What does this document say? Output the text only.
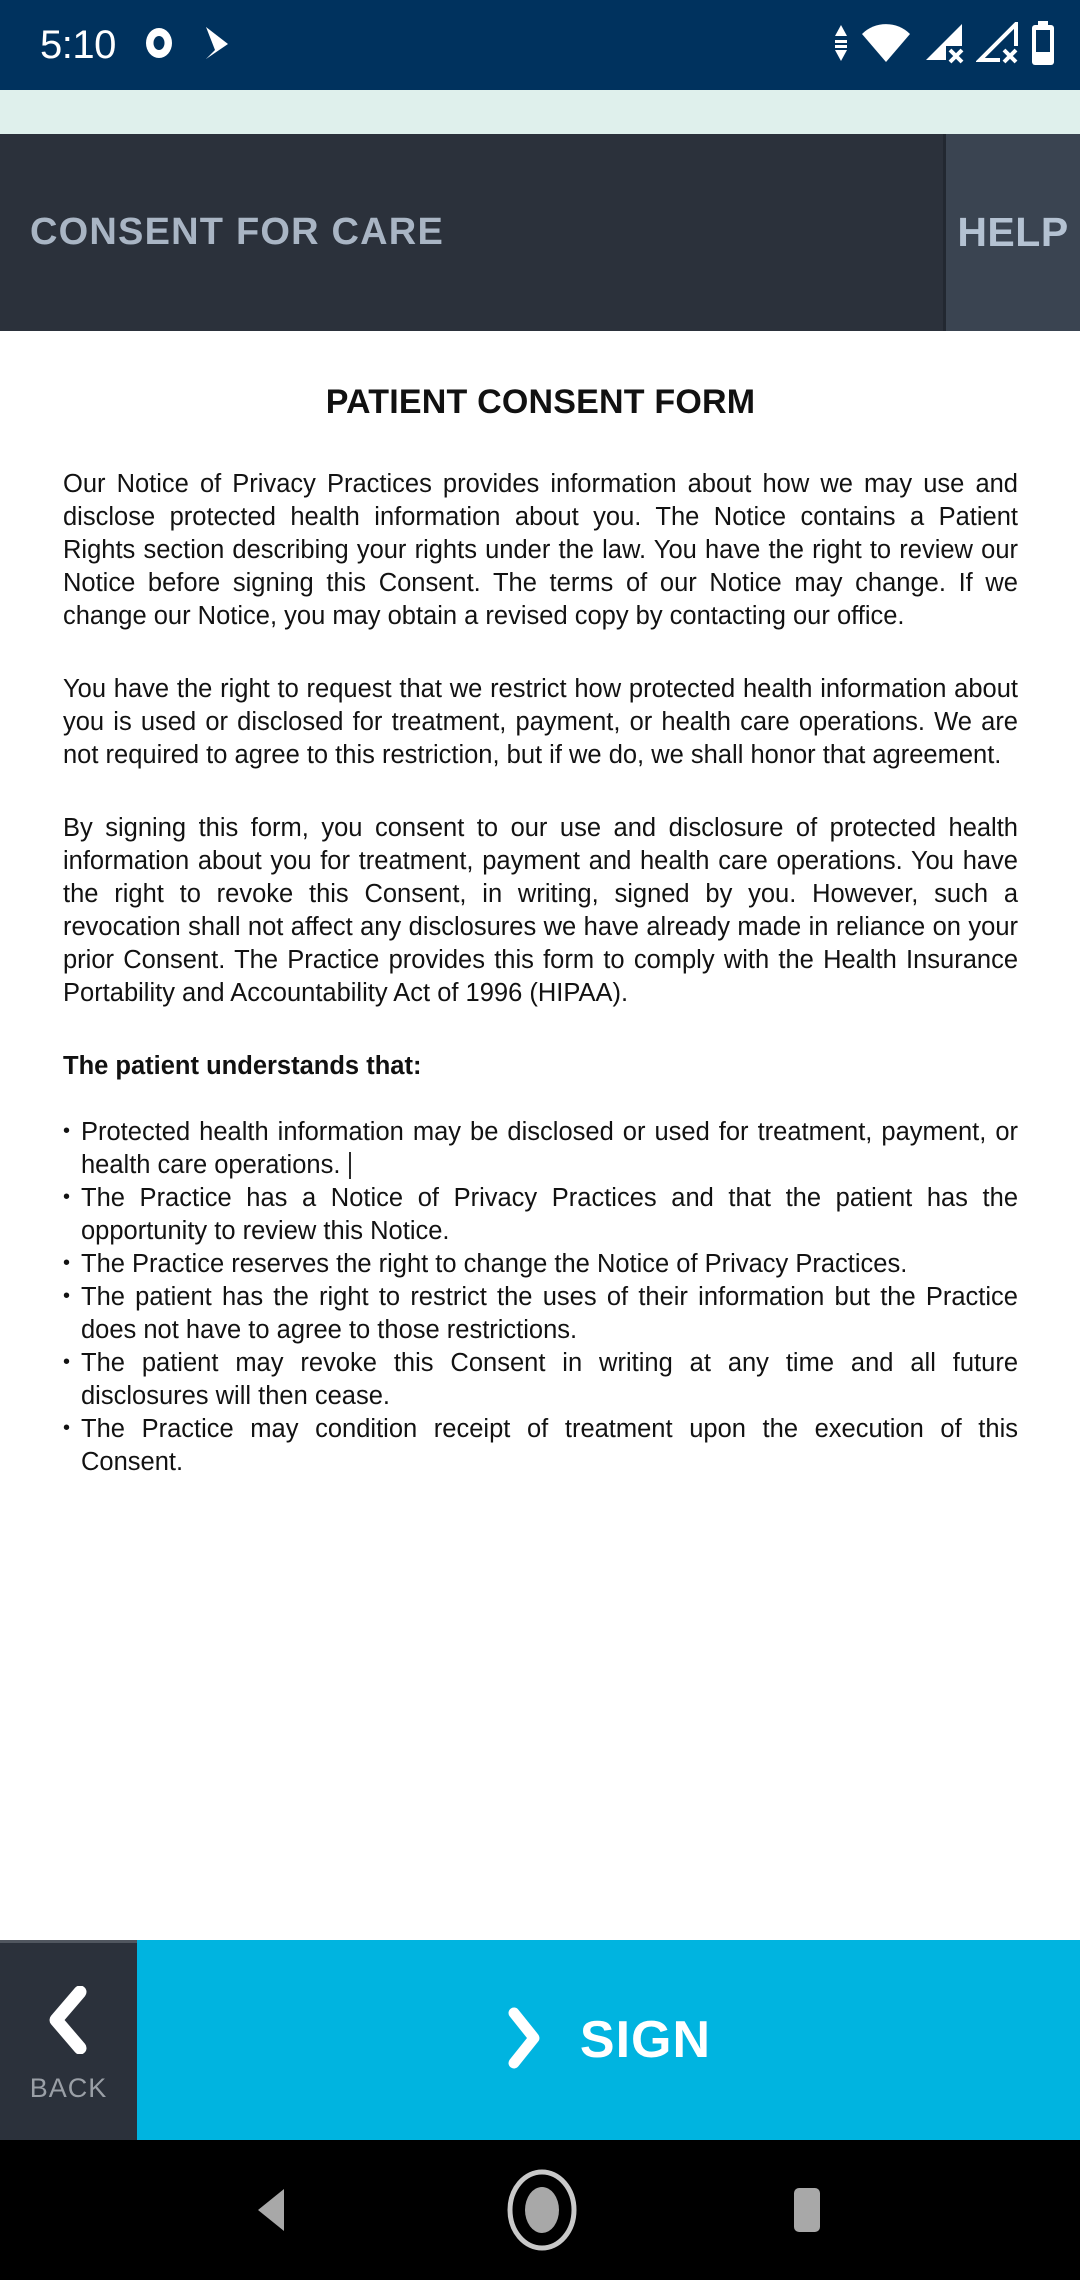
5:10
CONSENT FOR CARE	HELP
PATIENT CONSENT FORM

Our Notice of Privacy Practices provides information about how we may use and disclose protected health information about you. The Notice contains a Patient Rights section describing your rights under the law. You have the right to review our Notice before signing this Consent. The terms of our Notice may change. If we change our Notice, you may obtain a revised copy by contacting our office.

You have the right to request that we restrict how protected health information about you is used or disclosed for treatment, payment, or health care operations. We are not required to agree to this restriction, but if we do, we shall honor that agreement.

By signing this form, you consent to our use and disclosure of protected health information about you for treatment, payment and health care operations. You have the right to revoke this Consent, in writing, signed by you. However, such a revocation shall not affect any disclosures we have already made in reliance on your prior Consent. The Practice provides this form to comply with the Health Insurance Portability and Accountability Act of 1996 (HIPAA).

The patient understands that:
• Protected health information may be disclosed or used for treatment, payment, or health care operations.
• The Practice has a Notice of Privacy Practices and that the patient has the opportunity to review this Notice.
• The Practice reserves the right to change the Notice of Privacy Practices.
• The patient has the right to restrict the uses of their information but the Practice does not have to agree to those restrictions.
• The patient may revoke this Consent in writing at any time and all future disclosures will then cease.
• The Practice may condition receipt of treatment upon the execution of this Consent.
BACK
SIGN
